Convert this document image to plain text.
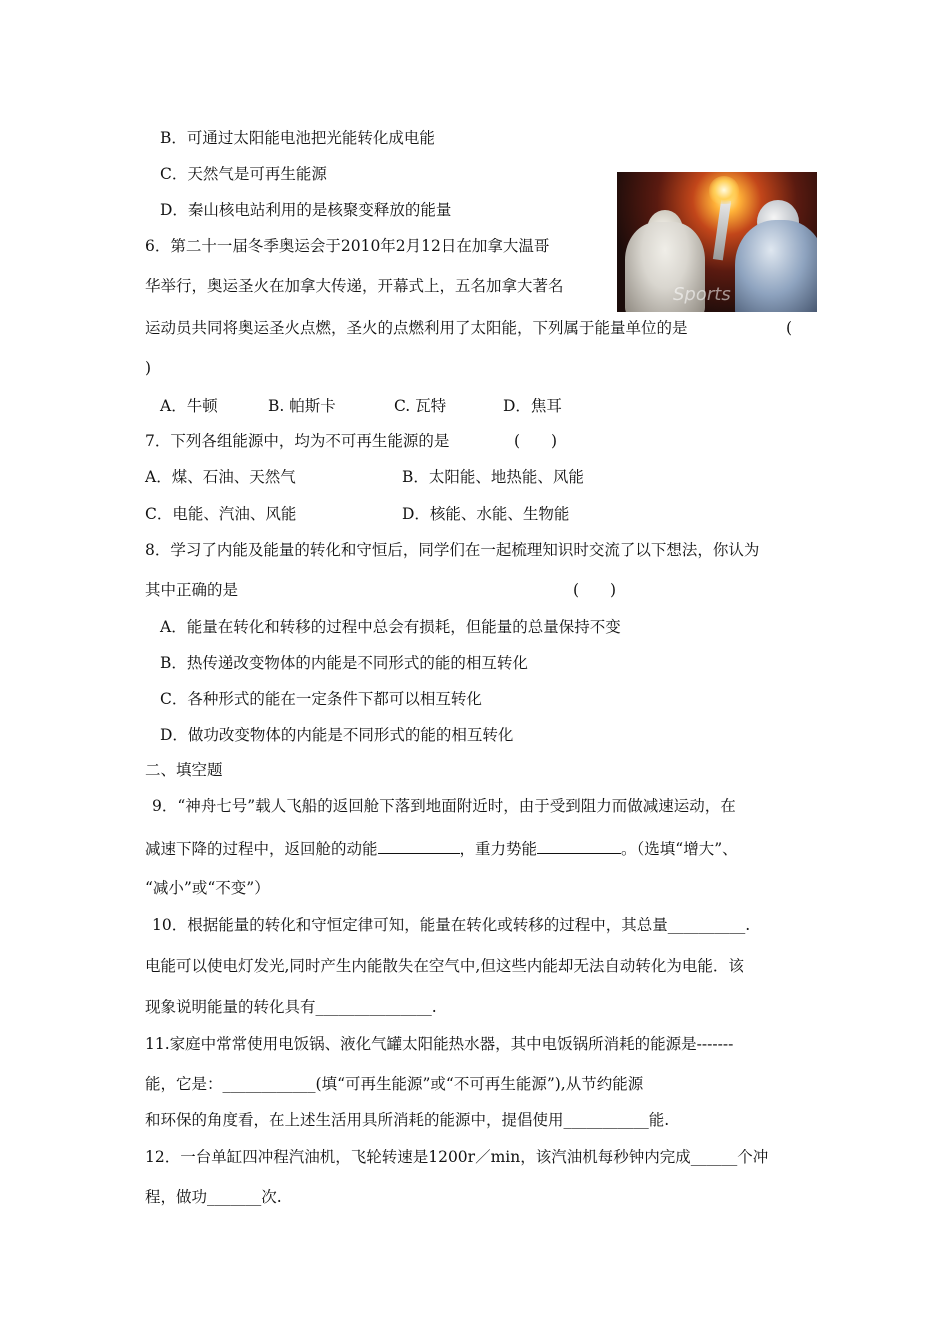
B．可通过太阳能电池把光能转化成电能
C．天然气是可再生能源
D．秦山核电站利用的是核聚变释放的能量
Sports
6．第二十一届冬季奥运会于2010年2月12日在加拿大温哥
华举行，奥运圣火在加拿大传递，开幕式上，五名加拿大著名
运动员共同将奥运圣火点燃，圣火的点燃利用了太阳能，下列属于能量单位的是	(
)
A．牛顿	B. 帕斯卡	C. 瓦特	D．焦耳
7．下列各组能源中，均为不可再生能源的是	(　　)
A．煤、石油、天然气	B．太阳能、地热能、风能
C．电能、汽油、风能	D．核能、水能、生物能
8．学习了内能及能量的转化和守恒后，同学们在一起梳理知识时交流了以下想法，你认为
其中正确的是	(　　)
A．能量在转化和转移的过程中总会有损耗，但能量的总量保持不变
B．热传递改变物体的内能是不同形式的能的相互转化
C．各种形式的能在一定条件下都可以相互转化
D．做功改变物体的内能是不同形式的能的相互转化
二、填空题
9．“神舟七号”载人飞船的返回舱下落到地面附近时，由于受到阻力而做减速运动，在
减速下降的过程中，返回舱的动能	，重力势能	。（选填“增大”、
“减小”或“不变”）
10．根据能量的转化和守恒定律可知，能量在转化或转移的过程中，其总量__________.
电能可以使电灯发光,同时产生内能散失在空气中,但这些内能却无法自动转化为电能．该
现象说明能量的转化具有_______________.
11.家庭中常常使用电饭锅、液化气罐太阳能热水器，其中电饭锅所消耗的能源是-------
能，它是：____________(填“可再生能源”或“不可再生能源”),从节约能源
和环保的角度看，在上述生活用具所消耗的能源中，提倡使用___________能.
12．一台单缸四冲程汽油机，飞轮转速是1200r／min，该汽油机每秒钟内完成______个冲
程，做功_______次.
